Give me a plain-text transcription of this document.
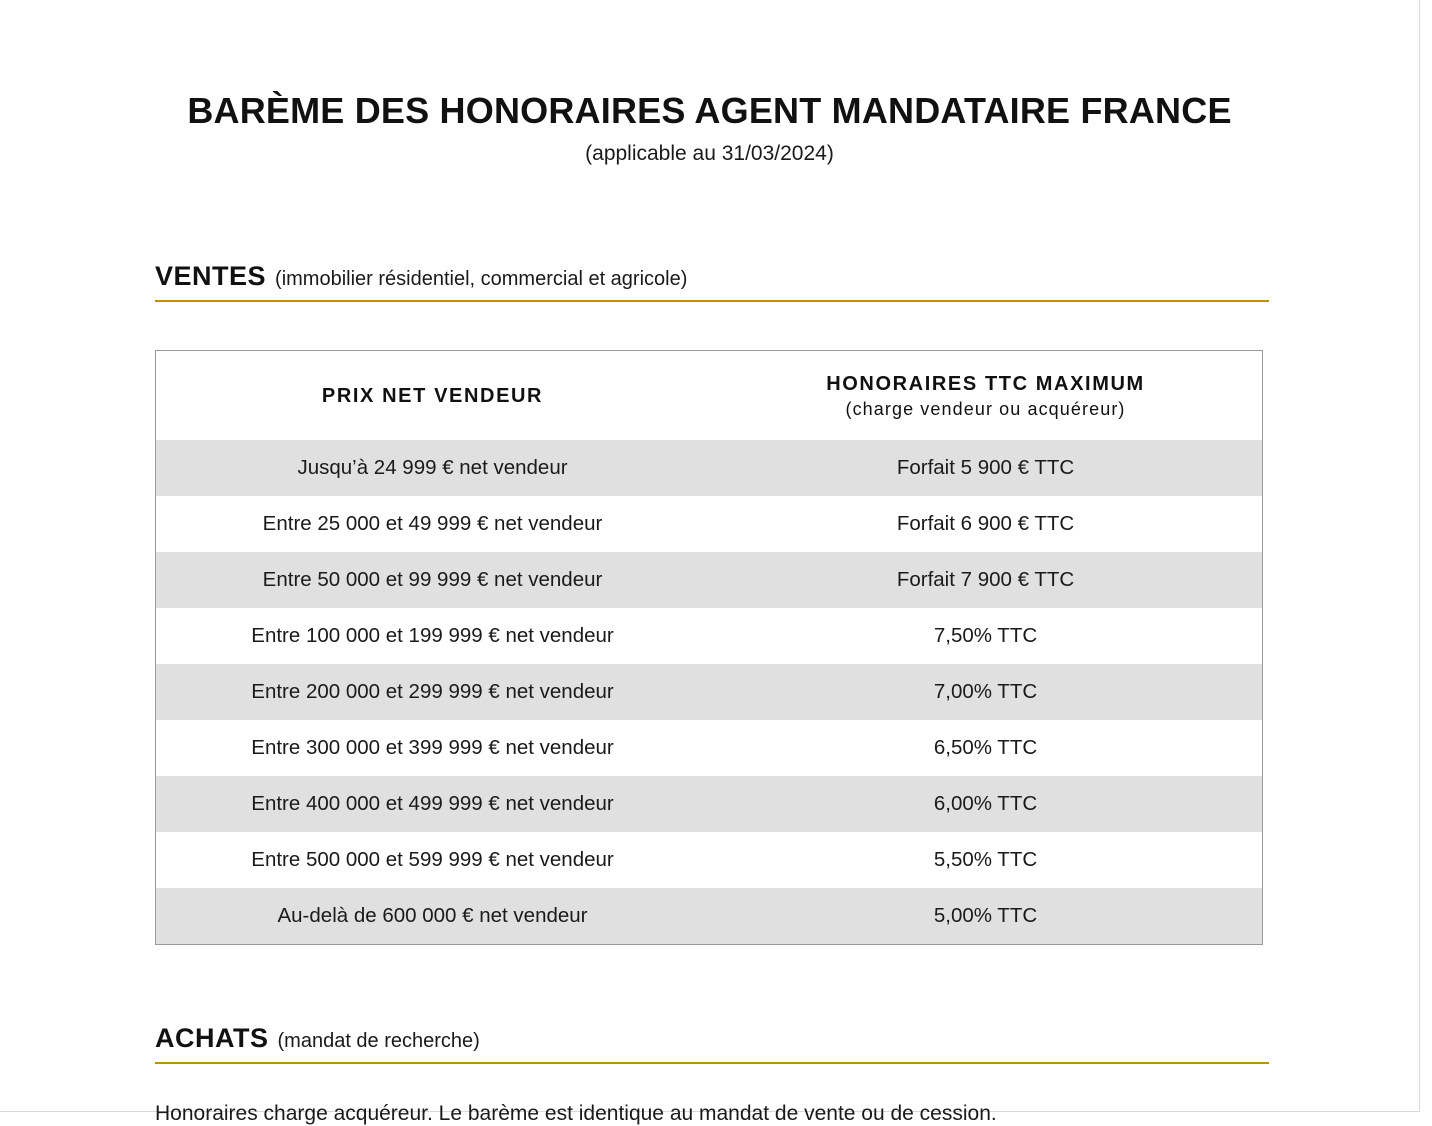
BARÈME DES HONORAIRES AGENT MANDATAIRE FRANCE

(applicable au 31/03/2024)

VENTES (immobilier résidentiel, commercial et agricole)
PRIX NET VENDEUR	HONORAIRES TTC MAXIMUM
(charge vendeur ou acquéreur)

Jusqu’à 24 999 € net vendeur	Forfait 5 900 € TTC
Entre 25 000 et 49 999 € net vendeur	Forfait 6 900 € TTC
Entre 50 000 et 99 999 € net vendeur	Forfait 7 900 € TTC
Entre 100 000 et 199 999 € net vendeur	7,50% TTC
Entre 200 000 et 299 999 € net vendeur	7,00% TTC
Entre 300 000 et 399 999 € net vendeur	6,50% TTC
Entre 400 000 et 499 999 € net vendeur	6,00% TTC
Entre 500 000 et 599 999 € net vendeur	5,50% TTC
Au-delà de 600 000 € net vendeur	5,00% TTC
ACHATS (mandat de recherche)

Honoraires charge acquéreur. Le barème est identique au mandat de vente ou de cession.
